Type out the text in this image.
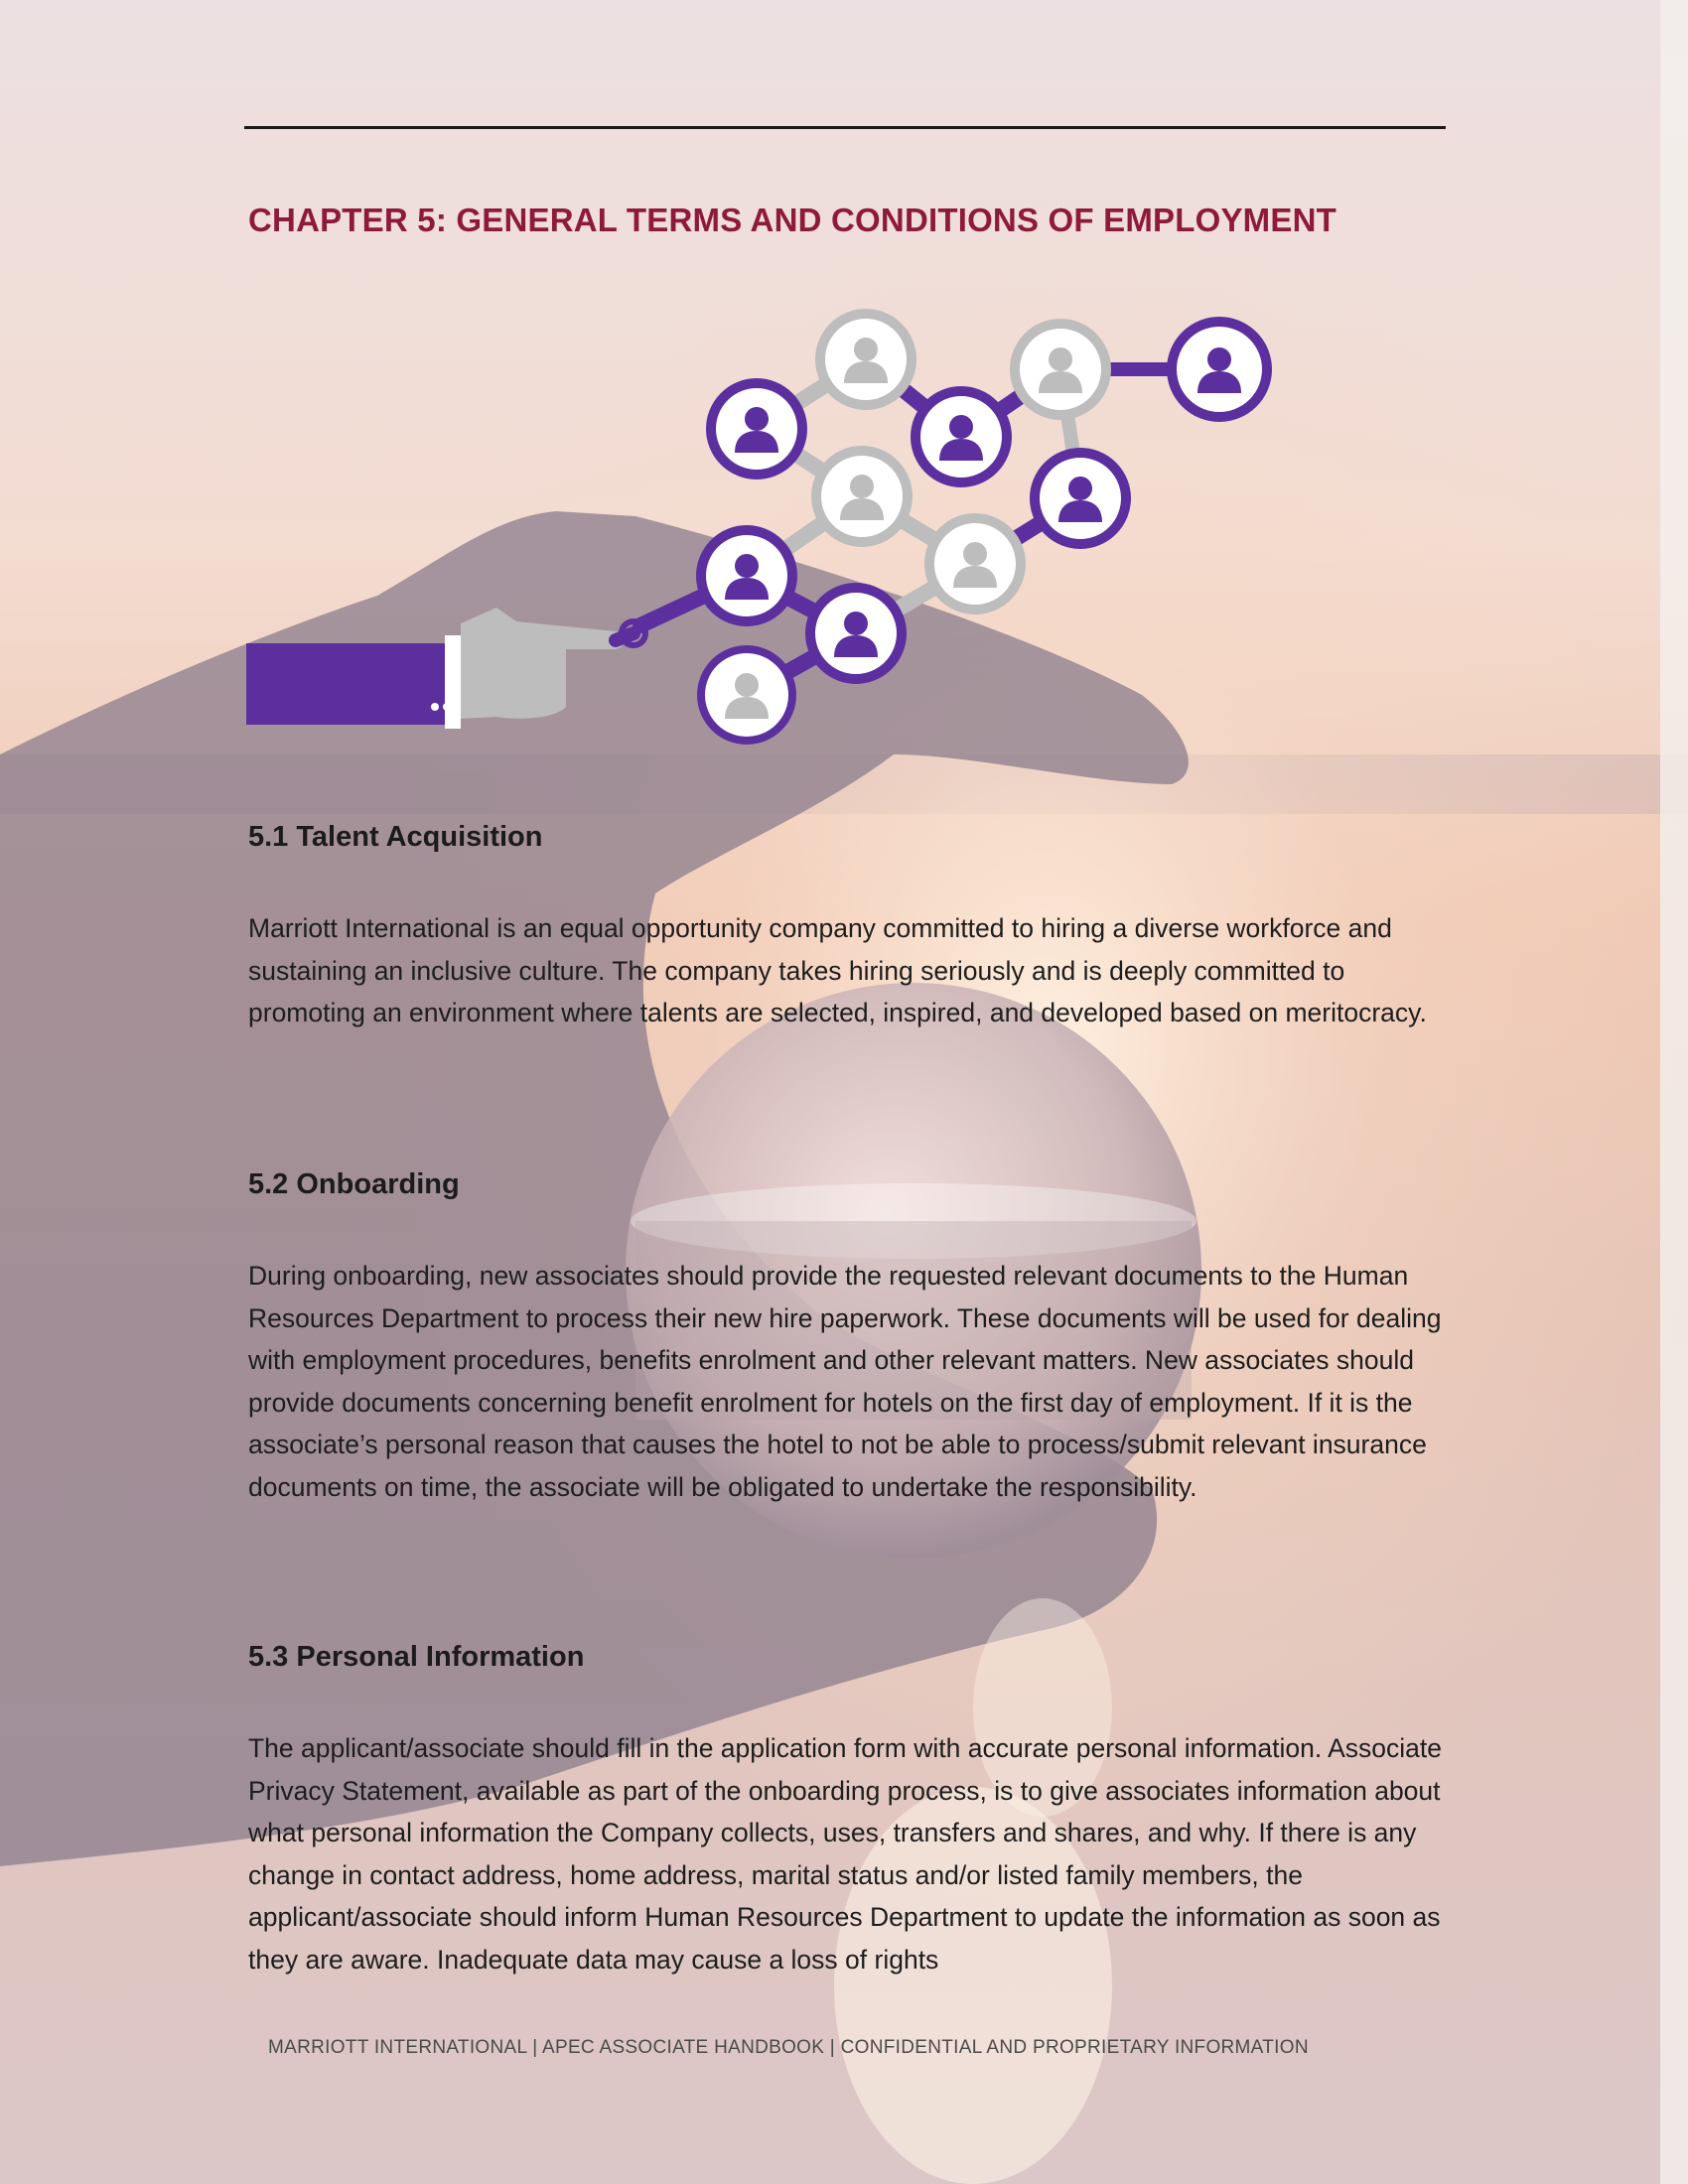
CHAPTER 5: GENERAL TERMS AND CONDITIONS OF EMPLOYMENT
5.1 Talent Acquisition

Marriott International is an equal opportunity company committed to hiring a diverse workforce and sustaining an inclusive culture. The company takes hiring seriously and is deeply committed to promoting an environment where talents are selected, inspired, and developed based on meritocracy.

5.2 Onboarding

During onboarding, new associates should provide the requested relevant documents to the Human Resources Department to process their new hire paperwork. These documents will be used for dealing with employment procedures, benefits enrolment and other relevant matters. New associates should provide documents concerning benefit enrolment for hotels on the first day of employment. If it is the associate’s personal reason that causes the hotel to not be able to process/submit relevant insurance documents on time, the associate will be obligated to undertake the responsibility.

5.3 Personal Information

The applicant/associate should fill in the application form with accurate personal information. Associate Privacy Statement, available as part of the onboarding process, is to give associates information about what personal information the Company collects, uses, transfers and shares, and why. If there is any change in contact address, home address, marital status and/or listed family members, the applicant/associate should inform Human Resources Department to update the information as soon as they are aware. Inadequate data may cause a loss of rights

MARRIOTT INTERNATIONAL | APEC ASSOCIATE HANDBOOK | CONFIDENTIAL AND PROPRIETARY INFORMATION
